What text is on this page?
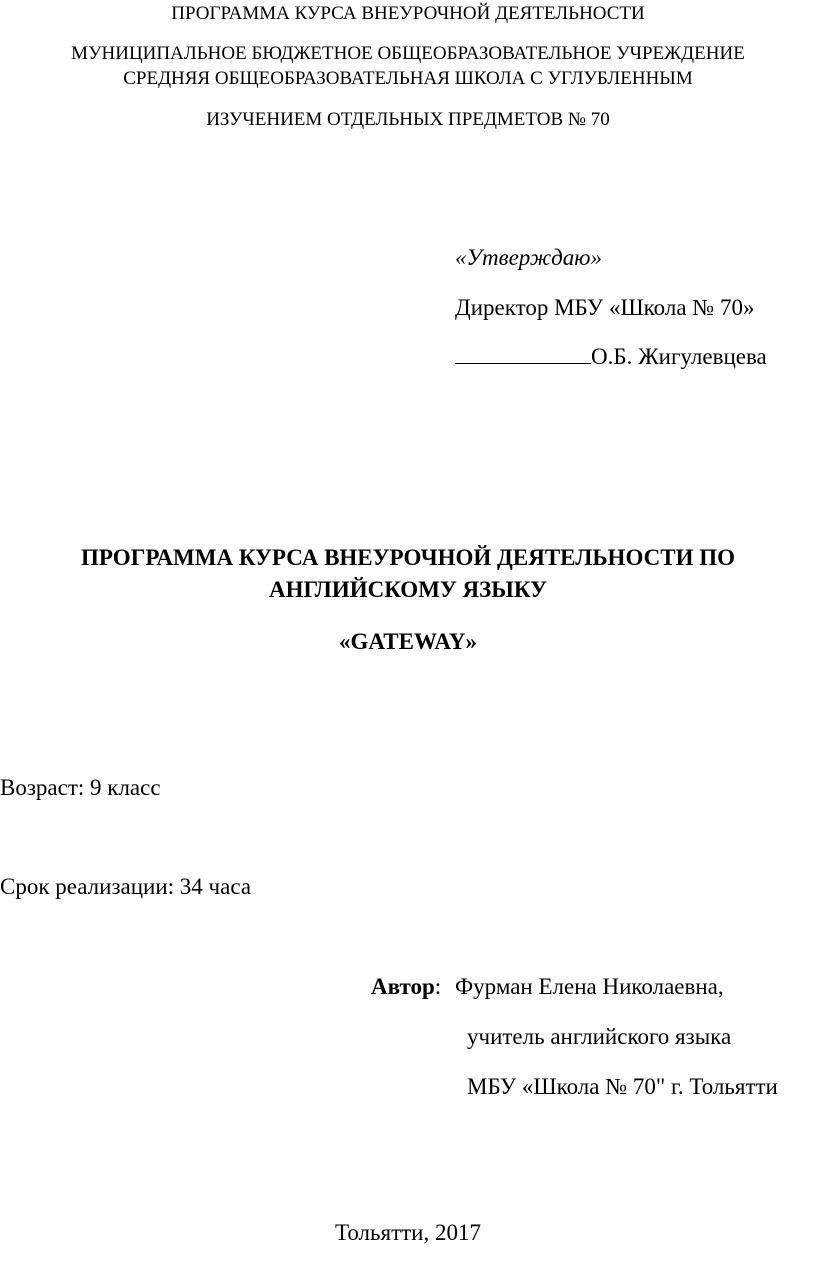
ПРОГРАММА КУРСА ВНЕУРОЧНОЙ ДЕЯТЕЛЬНОСТИ
МУНИЦИПАЛЬНОЕ БЮДЖЕТНОЕ ОБЩЕОБРАЗОВАТЕЛЬНОЕ УЧРЕЖДЕНИЕ
СРЕДНЯЯ ОБЩЕОБРАЗОВАТЕЛЬНАЯ ШКОЛА С УГЛУБЛЕННЫМ
ИЗУЧЕНИЕМ ОТДЕЛЬНЫХ ПРЕДМЕТОВ № 70
«Утверждаю»
Директор МБУ «Школа № 70»
О.Б. Жигулевцева
ПРОГРАММА КУРСА ВНЕУРОЧНОЙ ДЕЯТЕЛЬНОСТИ ПО
АНГЛИЙСКОМУ ЯЗЫКУ
«GATEWAY»
Возраст: 9 класс
Срок реализации: 34 часа
Автор: Фурман Елена Николаевна,
учитель английского языка
МБУ «Школа № 70" г. Тольятти
Тольятти, 2017
